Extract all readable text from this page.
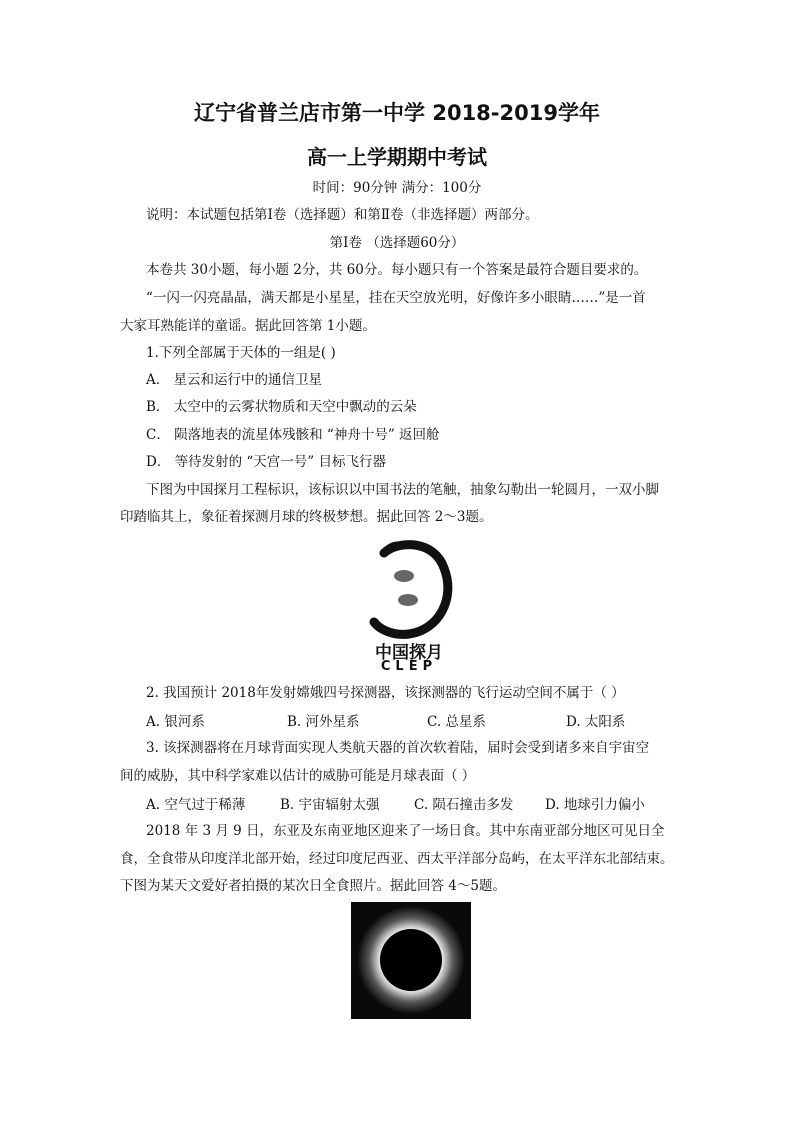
辽宁省普兰店市第一中学 2018-2019学年
高一上学期期中考试
时间：90分钟 满分：100分
说明：本试题包括第Ⅰ卷（选择题）和第Ⅱ卷（非选择题）两部分。
第Ⅰ卷 （选择题60分）
本卷共 30小题，每小题 2分，共 60分。每小题只有一个答案是最符合题目要求的。
“一闪一闪亮晶晶，满天都是小星星，挂在天空放光明，好像许多小眼睛……”是一首
大家耳熟能详的童谣。据此回答第 1小题。
1.下列全部属于天体的一组是( )
A． 星云和运行中的通信卫星
B． 太空中的云雾状物质和天空中飘动的云朵
C． 陨落地表的流星体残骸和 “神舟十号” 返回舱
D． 等待发射的 “天宫一号” 目标飞行器
下图为中国探月工程标识，该标识以中国书法的笔触，抽象勾勒出一轮圆月，一双小脚
印踏临其上，象征着探测月球的终极梦想。据此回答 2～3题。
中国探月
CLEP
2. 我国预计 2018年发射嫦娥四号探测器，该探测器的飞行运动空间不属于（ ）
A. 银河系	B. 河外星系	C. 总星系	D. 太阳系
3. 该探测器将在月球背面实现人类航天器的首次软着陆，届时会受到诸多来自宇宙空
间的威胁，其中科学家难以估计的威胁可能是月球表面（ ）
A. 空气过于稀薄	B. 宇宙辐射太强	C. 陨石撞击多发 D. 地球引力偏小
2018 年 3 月 9 日，东亚及东南亚地区迎来了一场日食。其中东南亚部分地区可见日全
食，全食带从印度洋北部开始，经过印度尼西亚、西太平洋部分岛屿，在太平洋东北部结束。
下图为某天文爱好者拍摄的某次日全食照片。据此回答 4～5题。
